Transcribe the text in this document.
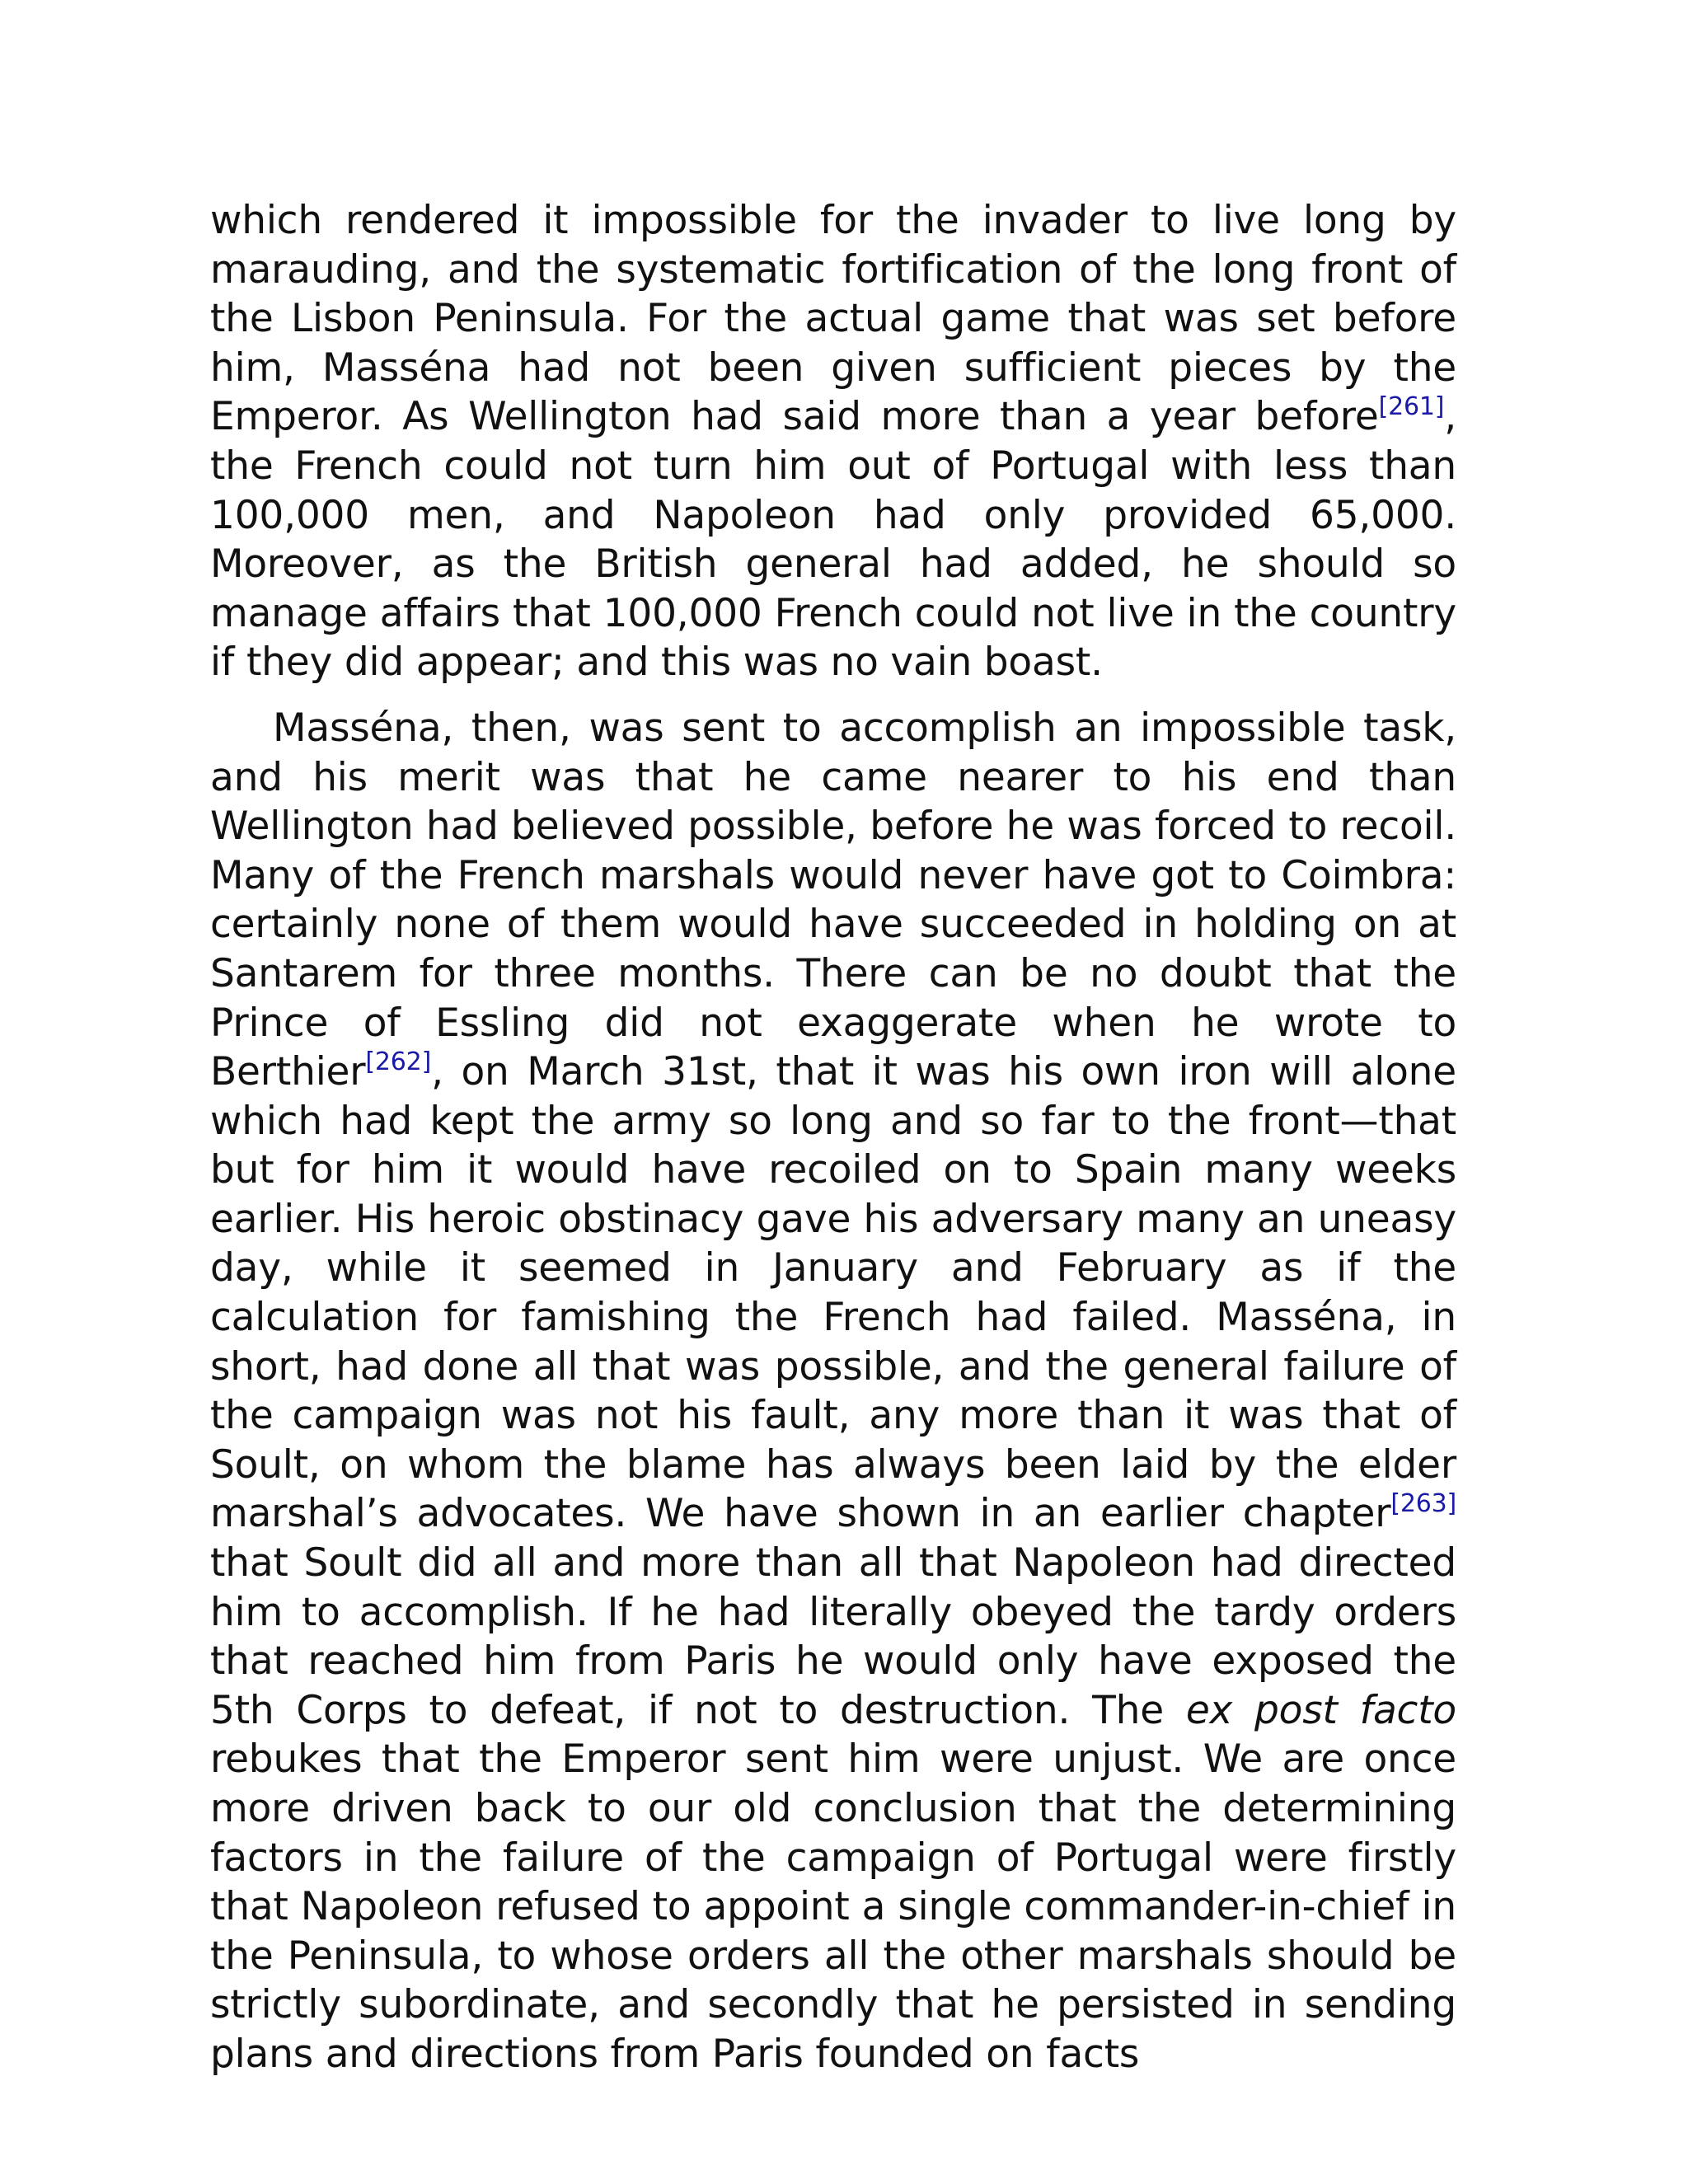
which rendered it impossible for the invader to live long by marauding, and the systematic fortification of the long front of the Lisbon Peninsula. For the actual game that was set before him, Masséna had not been given sufficient pieces by the Emperor. As Wellington had said more than a year before[261], the French could not turn him out of Portugal with less than 100,000 men, and Napoleon had only provided 65,000. Moreover, as the British general had added, he should so manage affairs that 100,000 French could not live in the country if they did appear; and this was no vain boast.

Masséna, then, was sent to accomplish an impossible task, and his merit was that he came nearer to his end than Wellington had believed possible, before he was forced to recoil. Many of the French marshals would never have got to Coimbra: certainly none of them would have succeeded in holding on at Santarem for three months. There can be no doubt that the Prince of Essling did not exaggerate when he wrote to Berthier[262], on March 31st, that it was his own iron will alone which had kept the army so long and so far to the front—that but for him it would have recoiled on to Spain many weeks earlier. His heroic obstinacy gave his adversary many an uneasy day, while it seemed in January and February as if the calculation for famishing the French had failed. Masséna, in short, had done all that was possible, and the general failure of the campaign was not his fault, any more than it was that of Soult, on whom the blame has always been laid by the elder marshal’s advocates. We have shown in an earlier chapter[263] that Soult did all and more than all that Napoleon had directed him to accomplish. If he had literally obeyed the tardy orders that reached him from Paris he would only have exposed the 5th Corps to defeat, if not to destruction. The ex post facto rebukes that the Emperor sent him were unjust. We are once more driven back to our old conclusion that the determining factors in the failure of the campaign of Portugal were firstly that Napoleon refused to appoint a single commander-in-chief in the Peninsula, to whose orders all the other marshals should be strictly subordinate, and secondly that he persisted in sending plans and directions from Paris founded on facts
